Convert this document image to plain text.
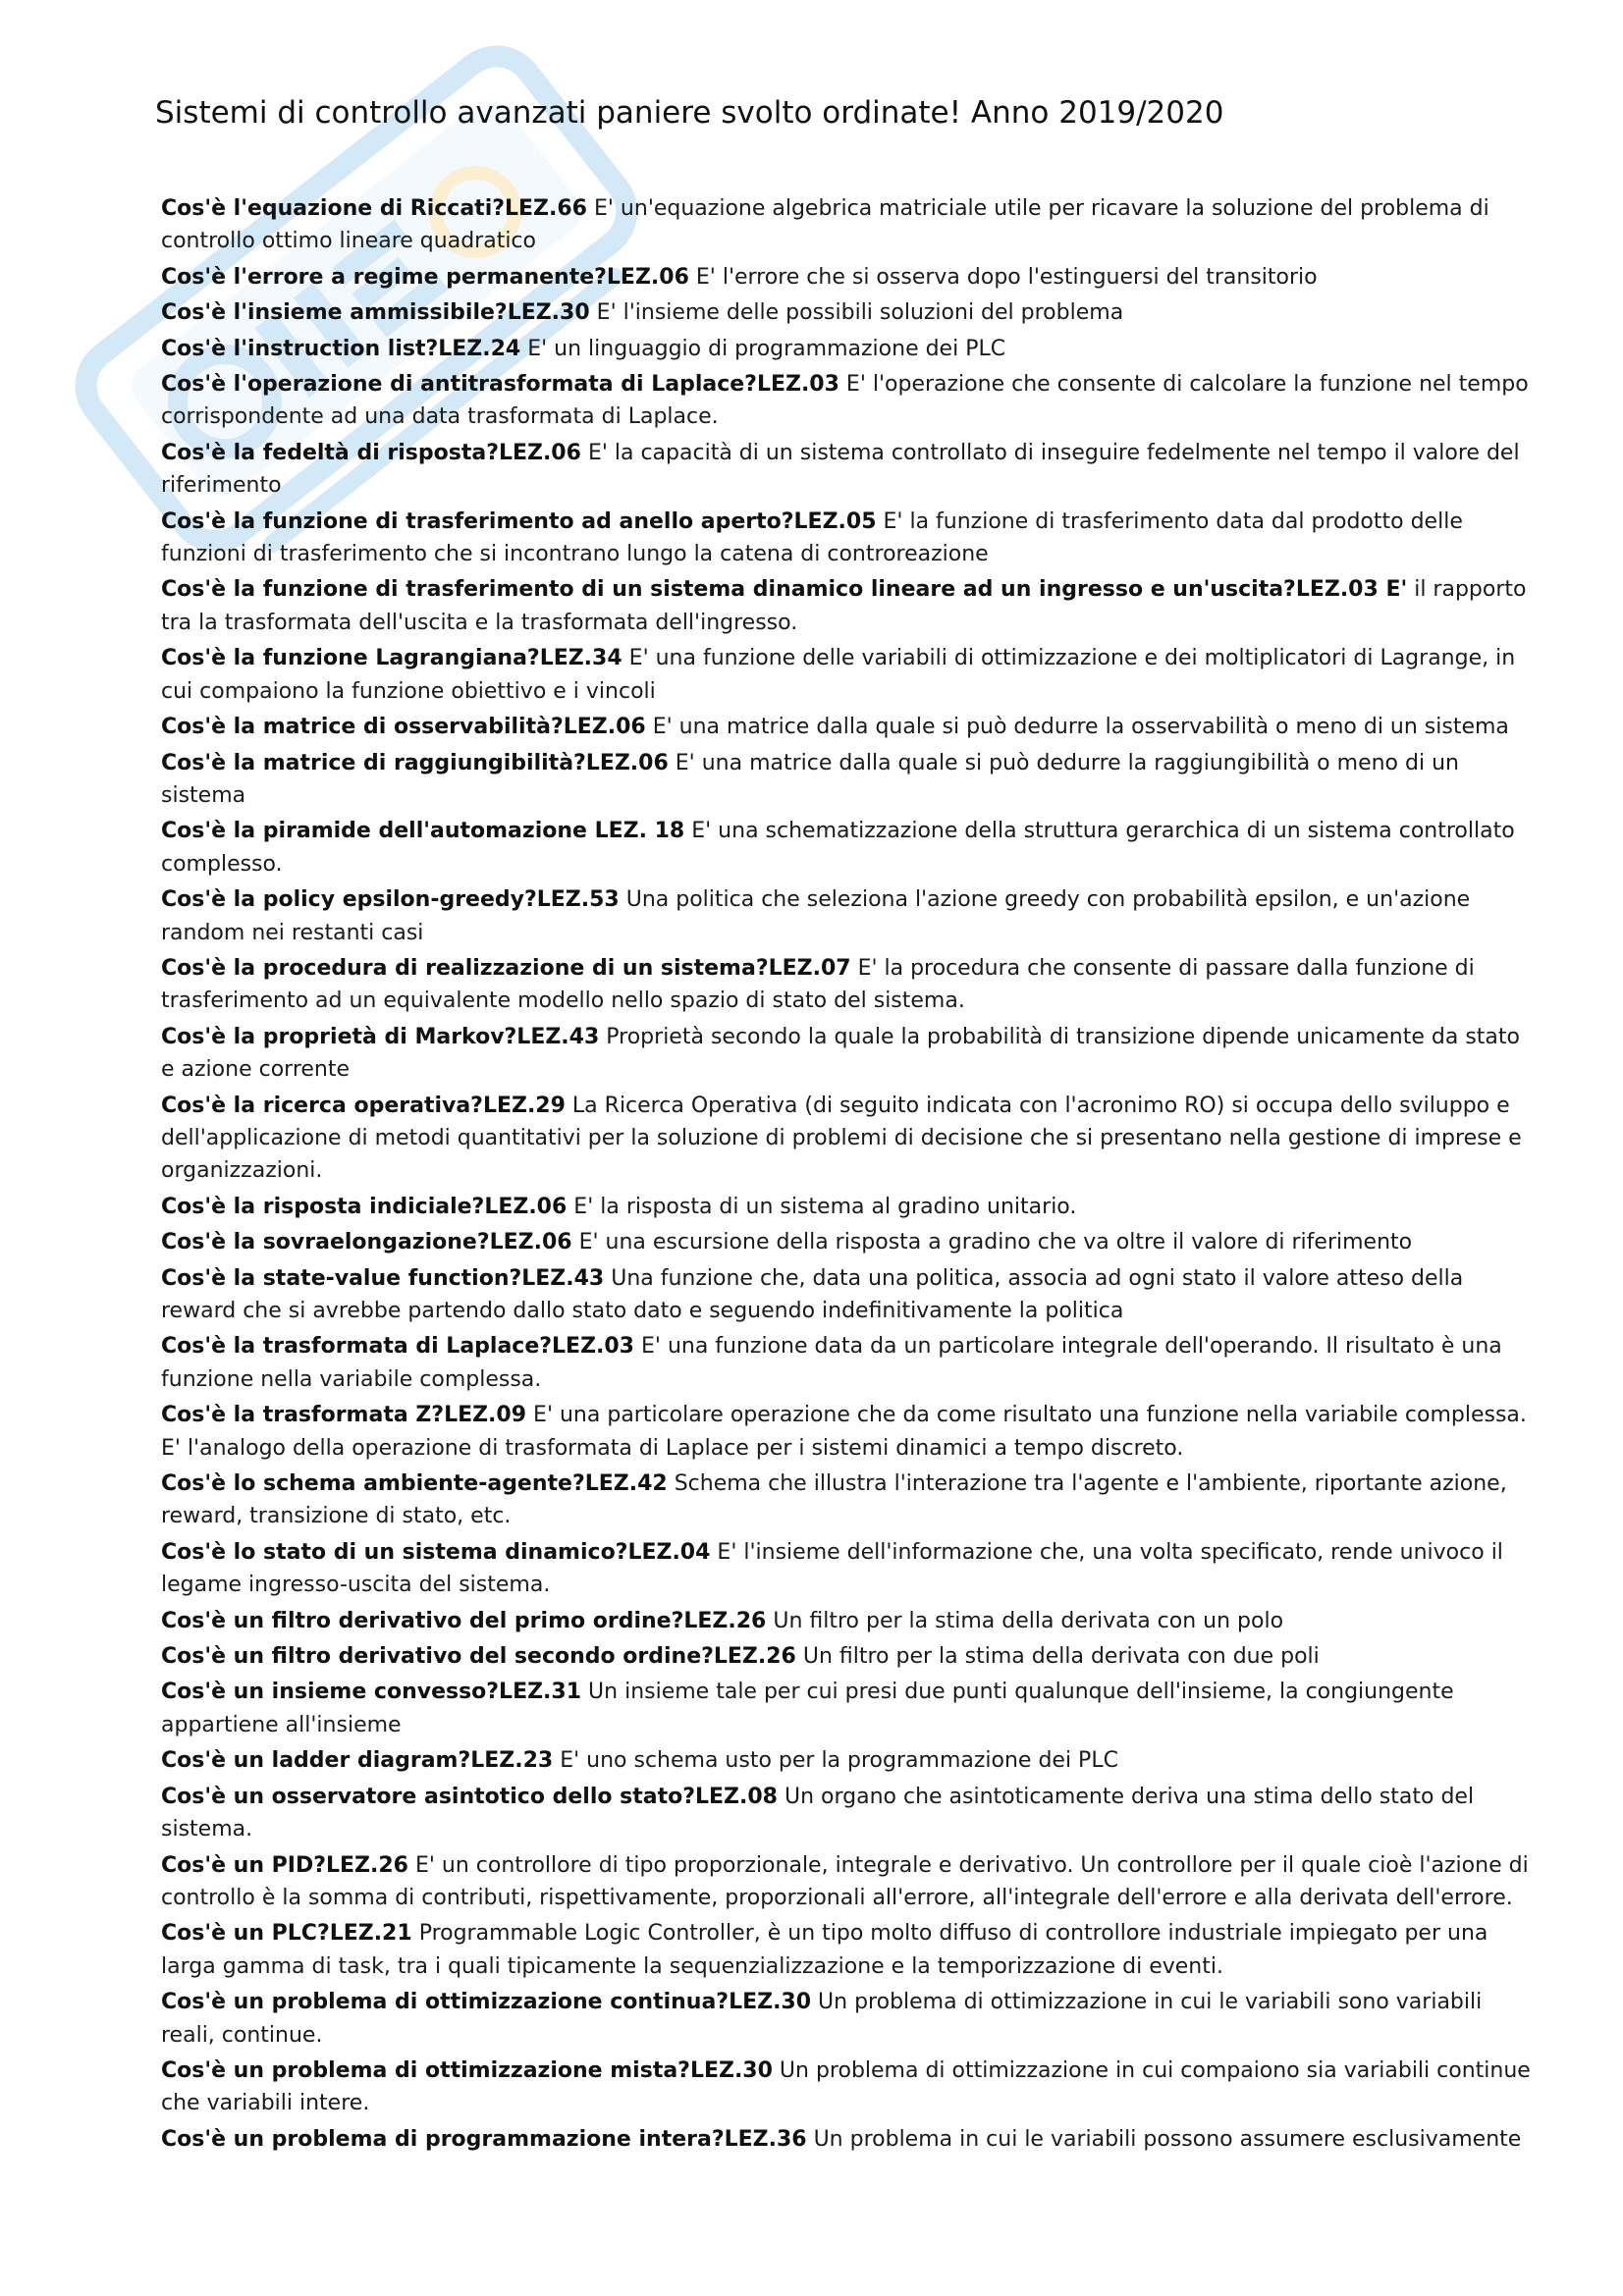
Sistemi di controllo avanzati paniere svolto ordinate! Anno 2019/2020
Cos'è l'equazione di Riccati?LEZ.66 E' un'equazione algebrica matriciale utile per ricavare la soluzione del problema di controllo ottimo lineare quadratico
Cos'è l'errore a regime permanente?LEZ.06 E' l'errore che si osserva dopo l'estinguersi del transitorio
Cos'è l'insieme ammissibile?LEZ.30 E' l'insieme delle possibili soluzioni del problema
Cos'è l'instruction list?LEZ.24 E' un linguaggio di programmazione dei PLC
Cos'è l'operazione di antitrasformata di Laplace?LEZ.03 E' l'operazione che consente di calcolare la funzione nel tempo corrispondente ad una data trasformata di Laplace.
Cos'è la fedeltà di risposta?LEZ.06 E' la capacità di un sistema controllato di inseguire fedelmente nel tempo il valore del riferimento
Cos'è la funzione di trasferimento ad anello aperto?LEZ.05 E' la funzione di trasferimento data dal prodotto delle funzioni di trasferimento che si incontrano lungo la catena di controreazione
Cos'è la funzione di trasferimento di un sistema dinamico lineare ad un ingresso e un'uscita?LEZ.03 E' il rapporto tra la trasformata dell'uscita e la trasformata dell'ingresso.
Cos'è la funzione Lagrangiana?LEZ.34 E' una funzione delle variabili di ottimizzazione e dei moltiplicatori di Lagrange, in cui compaiono la funzione obiettivo e i vincoli
Cos'è la matrice di osservabilità?LEZ.06 E' una matrice dalla quale si può dedurre la osservabilità o meno di un sistema
Cos'è la matrice di raggiungibilità?LEZ.06 E' una matrice dalla quale si può dedurre la raggiungibilità o meno di un sistema
Cos'è la piramide dell'automazione LEZ. 18 E' una schematizzazione della struttura gerarchica di un sistema controllato complesso.
Cos'è la policy epsilon-greedy?LEZ.53 Una politica che seleziona l'azione greedy con probabilità epsilon, e un'azione random nei restanti casi
Cos'è la procedura di realizzazione di un sistema?LEZ.07 E' la procedura che consente di passare dalla funzione di trasferimento ad un equivalente modello nello spazio di stato del sistema.
Cos'è la proprietà di Markov?LEZ.43 Proprietà secondo la quale la probabilità di transizione dipende unicamente da stato e azione corrente
Cos'è la ricerca operativa?LEZ.29 La Ricerca Operativa (di seguito indicata con l'acronimo RO) si occupa dello sviluppo e dell'applicazione di metodi quantitativi per la soluzione di problemi di decisione che si presentano nella gestione di imprese e organizzazioni.
Cos'è la risposta indiciale?LEZ.06 E' la risposta di un sistema al gradino unitario.
Cos'è la sovraelongazione?LEZ.06 E' una escursione della risposta a gradino che va oltre il valore di riferimento
Cos'è la state-value function?LEZ.43 Una funzione che, data una politica, associa ad ogni stato il valore atteso della reward che si avrebbe partendo dallo stato dato e seguendo indefinitivamente la politica
Cos'è la trasformata di Laplace?LEZ.03 E' una funzione data da un particolare integrale dell'operando. Il risultato è una funzione nella variabile complessa.
Cos'è la trasformata Z?LEZ.09 E' una particolare operazione che da come risultato una funzione nella variabile complessa. E' l'analogo della operazione di trasformata di Laplace per i sistemi dinamici a tempo discreto.
Cos'è lo schema ambiente-agente?LEZ.42 Schema che illustra l'interazione tra l'agente e l'ambiente, riportante azione, reward, transizione di stato, etc.
Cos'è lo stato di un sistema dinamico?LEZ.04 E' l'insieme dell'informazione che, una volta specificato, rende univoco il legame ingresso-uscita del sistema.
Cos'è un filtro derivativo del primo ordine?LEZ.26 Un filtro per la stima della derivata con un polo
Cos'è un filtro derivativo del secondo ordine?LEZ.26 Un filtro per la stima della derivata con due poli
Cos'è un insieme convesso?LEZ.31 Un insieme tale per cui presi due punti qualunque dell'insieme, la congiungente appartiene all'insieme
Cos'è un ladder diagram?LEZ.23 E' uno schema usto per la programmazione dei PLC
Cos'è un osservatore asintotico dello stato?LEZ.08 Un organo che asintoticamente deriva una stima dello stato del sistema.
Cos'è un PID?LEZ.26 E' un controllore di tipo proporzionale, integrale e derivativo. Un controllore per il quale cioè l'azione di controllo è la somma di contributi, rispettivamente, proporzionali all'errore, all'integrale dell'errore e alla derivata dell'errore.
Cos'è un PLC?LEZ.21 Programmable Logic Controller, è un tipo molto diffuso di controllore industriale impiegato per una larga gamma di task, tra i quali tipicamente la sequenzializzazione e la temporizzazione di eventi.
Cos'è un problema di ottimizzazione continua?LEZ.30 Un problema di ottimizzazione in cui le variabili sono variabili reali, continue.
Cos'è un problema di ottimizzazione mista?LEZ.30 Un problema di ottimizzazione in cui compaiono sia variabili continue che variabili intere.
Cos'è un problema di programmazione intera?LEZ.36 Un problema in cui le variabili possono assumere esclusivamente
